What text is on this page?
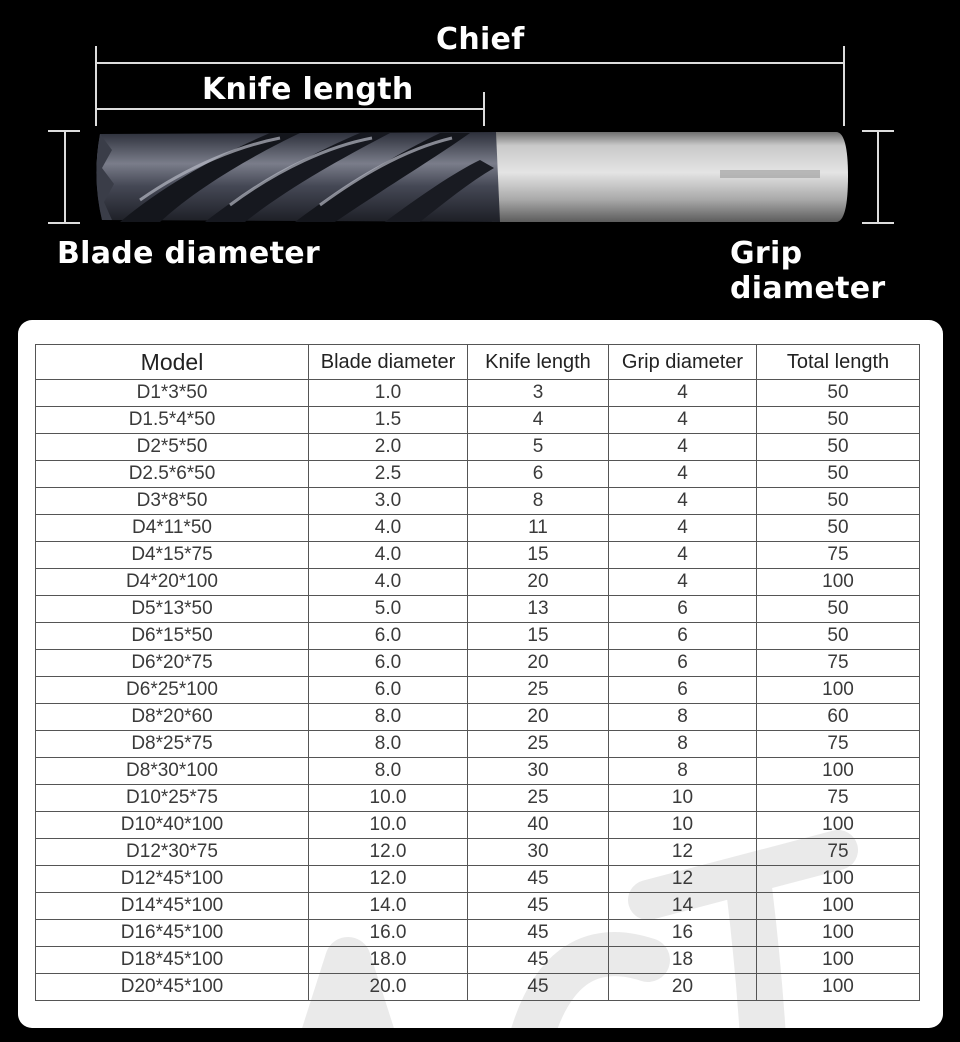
Chief
Knife length
Blade diameter	Grip diameter
Model	Blade diameter	Knife length	Grip diameter	Total length
D1*3*50	1.0	3	4	50
D1.5*4*50	1.5	4	4	50
D2*5*50	2.0	5	4	50
D2.5*6*50	2.5	6	4	50
D3*8*50	3.0	8	4	50
D4*11*50	4.0	11	4	50
D4*15*75	4.0	15	4	75
D4*20*100	4.0	20	4	100
D5*13*50	5.0	13	6	50
D6*15*50	6.0	15	6	50
D6*20*75	6.0	20	6	75
D6*25*100	6.0	25	6	100
D8*20*60	8.0	20	8	60
D8*25*75	8.0	25	8	75
D8*30*100	8.0	30	8	100
D10*25*75	10.0	25	10	75
D10*40*100	10.0	40	10	100
D12*30*75	12.0	30	12	75
D12*45*100	12.0	45	12	100
D14*45*100	14.0	45	14	100
D16*45*100	16.0	45	16	100
D18*45*100	18.0	45	18	100
D20*45*100	20.0	45	20	100
